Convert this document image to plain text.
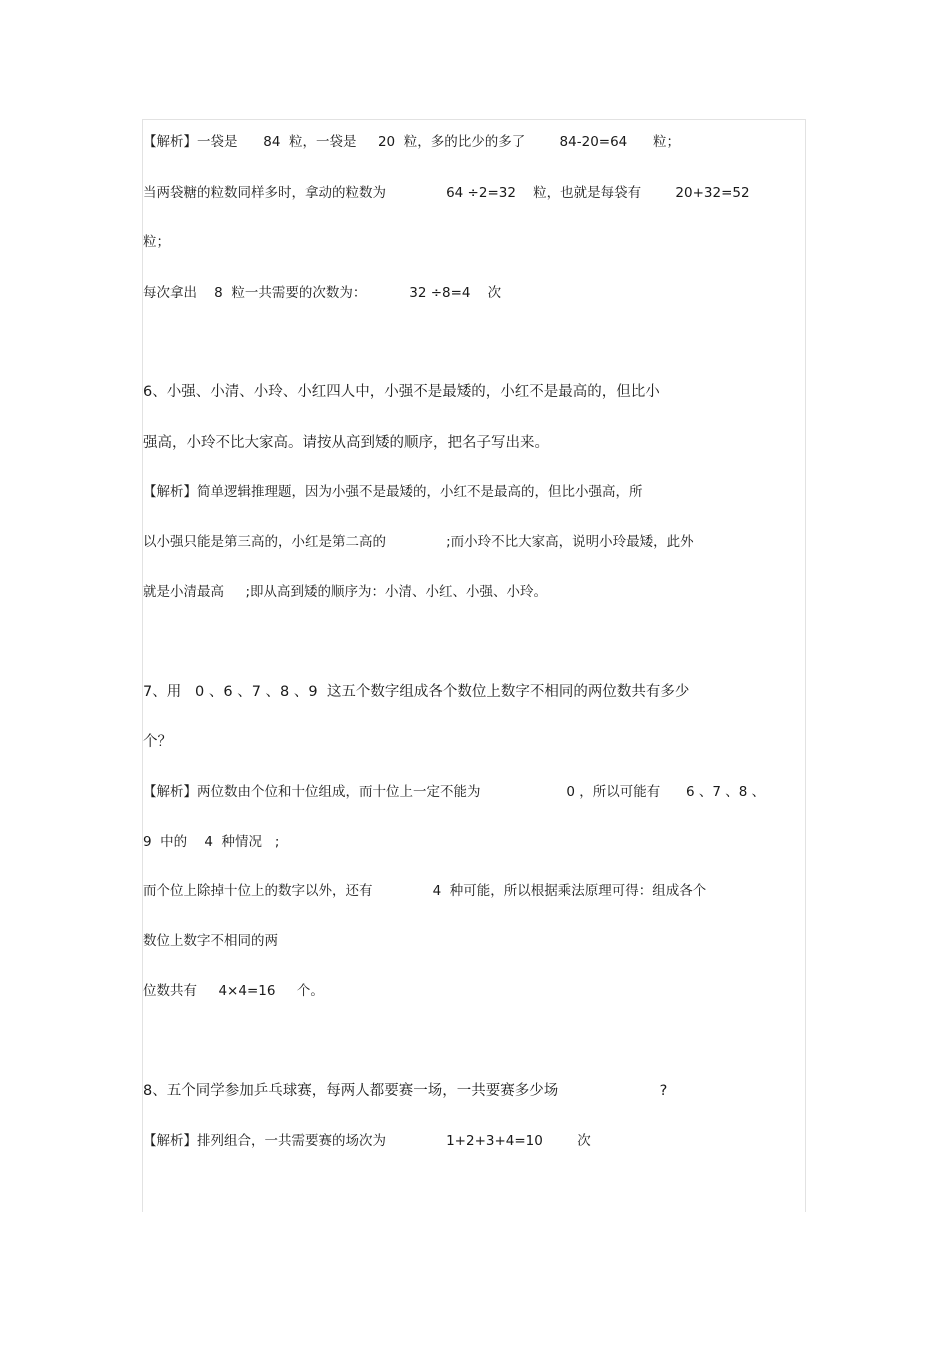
【解析】一袋是      84  粒，一袋是     20  粒，多的比少的多了        84-20=64      粒；
当两袋糖的粒数同样多时，拿动的粒数为              64 ÷2=32    粒，也就是每袋有        20+32=52
粒；
每次拿出    8  粒一共需要的次数为：          32 ÷8=4    次
6、小强、小清、小玲、小红四人中，小强不是最矮的，小红不是最高的，但比小
强高，小玲不比大家高。请按从高到矮的顺序，把名子写出来。
【解析】简单逻辑推理题，因为小强不是最矮的，小红不是最高的，但比小强高，所
以小强只能是第三高的，小红是第二高的              ;而小玲不比大家高，说明小玲最矮，此外
就是小清最高     ;即从高到矮的顺序为：小清、小红、小强、小玲。
7、用   0 、6 、7 、8 、9  这五个数字组成各个数位上数字不相同的两位数共有多少
个？
【解析】两位数由个位和十位组成，而十位上一定不能为                    0 ，所以可能有      6 、7 、8 、
9  中的    4  种情况   ;
而个位上除掉十位上的数字以外，还有              4  种可能，所以根据乘法原理可得：组成各个
数位上数字不相同的两
位数共有     4×4=16     个。
8、五个同学参加乒乓球赛，每两人都要赛一场，一共要赛多少场                      ?
【解析】排列组合，一共需要赛的场次为              1+2+3+4=10        次
